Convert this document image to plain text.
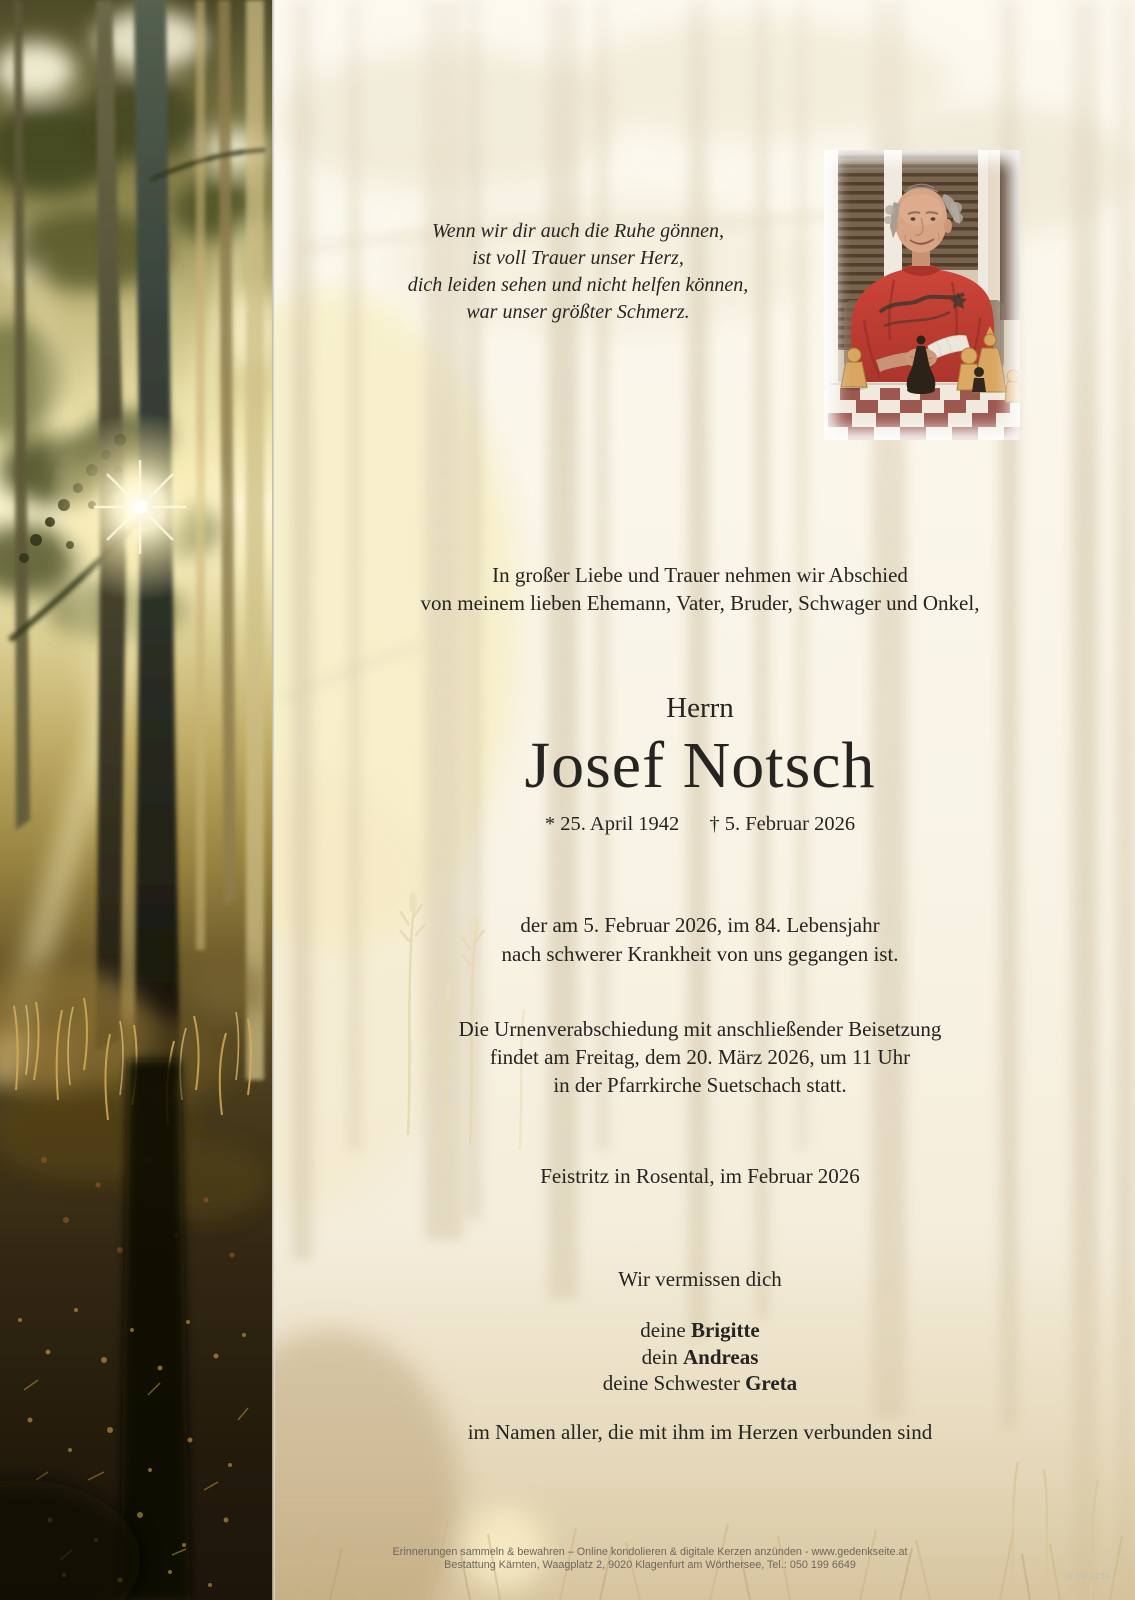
Wenn wir dir auch die Ruhe gönnen,
ist voll Trauer unser Herz,
dich leiden sehen und nicht helfen können,
war unser größter Schmerz.
In großer Liebe und Trauer nehmen wir Abschied
von meinem lieben Ehemann, Vater, Bruder, Schwager und Onkel,
Herrn
Josef Notsch
* 25. April 1942 † 5. Februar 2026
der am 5. Februar 2026, im 84. Lebensjahr
nach schwerer Krankheit von uns gegangen ist.
Die Urnenverabschiedung mit anschließender Beisetzung
findet am Freitag, dem 20. März 2026, um 11 Uhr
in der Pfarrkirche Suetschach statt.
Feistritz in Rosental, im Februar 2026
Wir vermissen dich
deine Brigitte
dein Andreas
deine Schwester Greta
im Namen aller, die mit ihm im Herzen verbunden sind
Erinnerungen sammeln & bewahren – Online kondolieren & digitale Kerzen anzünden - www.gedenkseite.at
Bestattung Kärnten, Waagplatz 2, 9020 Klagenfurt am Wörthersee, Tel.: 050 199 6649
© EP 9239
